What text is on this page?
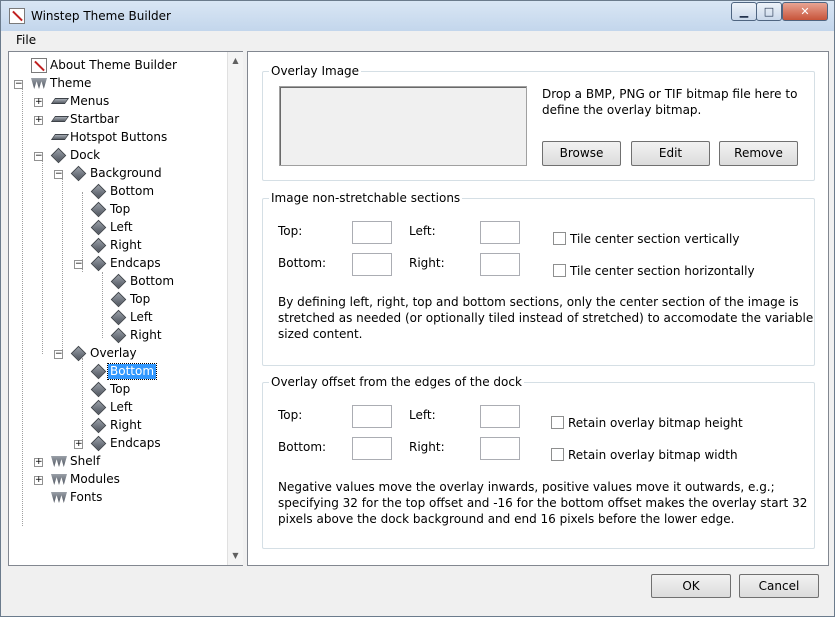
Winstep Theme Builder	▁	□	✕
File
About Theme Builder
− Theme
+ Menus
+ Startbar
Hotspot Buttons
− Dock
− Background
Bottom
Top
Left
Right
− Endcaps
Bottom
Top
Left
Right
− Overlay
Bottom
Top
Left
Right
+ Endcaps
+ Shelf
+ Modules
Fonts
▲
▼
Overlay Image
Drop a BMP, PNG or TIF bitmap file here to
define the overlay bitmap.
Browse	Edit	Remove
Image non-stretchable sections
Top:	Left:
Bottom:	Right:
Tile center section vertically
Tile center section horizontally
By defining left, right, top and bottom sections, only the center section of the image is
stretched as needed (or optionally tiled instead of stretched) to accomodate the variable
sized content.
Overlay offset from the edges of the dock
Top:	Left:
Bottom:	Right:
Retain overlay bitmap height
Retain overlay bitmap width
Negative values move the overlay inwards, positive values move it outwards, e.g.;
specifying 32 for the top offset and -16 for the bottom offset makes the overlay start 32
pixels above the dock background and end 16 pixels before the lower edge.
OK	Cancel
